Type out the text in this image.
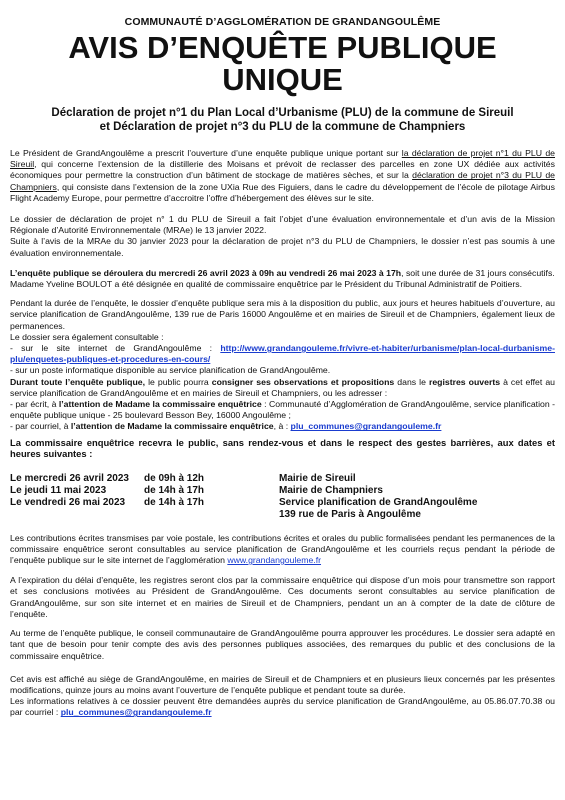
COMMUNAUTÉ D’AGGLOMÉRATION DE GRANDANGOULÊME
AVIS D’ENQUÊTE PUBLIQUE
UNIQUE
Déclaration de projet n°1 du Plan Local d’Urbanisme (PLU) de la commune de Sireuil
et Déclaration de projet n°3 du PLU de la commune de Champniers
Le Président de GrandAngoulême a prescrit l’ouverture d’une enquête publique unique portant sur la déclaration de projet n°1 du PLU de Sireuil, qui concerne l’extension de la distillerie des Moisans et prévoit de reclasser des parcelles en zone UX dédiée aux activités économiques pour permettre la construction d’un bâtiment de stockage de matières sèches, et sur la déclaration de projet n°3 du PLU de Champniers, qui consiste dans l’extension de la zone UXia Rue des Figuiers, dans le cadre du développement de l’école de pilotage Airbus Flight Academy Europe, pour permettre d’accroitre l’offre d’hébergement des élèves sur le site.
Le dossier de déclaration de projet n° 1 du PLU de Sireuil a fait l’objet d’une évaluation environnementale et d’un avis de la Mission Régionale d’Autorité Environnementale (MRAe) le 13 janvier 2022.
Suite à l’avis de la MRAe du 30 janvier 2023 pour la déclaration de projet n°3 du PLU de Champniers, le dossier n’est pas soumis à une évaluation environnementale.
L’enquête publique se déroulera du mercredi 26 avril 2023 à 09h au vendredi 26 mai 2023 à 17h, soit une durée de 31 jours consécutifs.
Madame Yveline BOULOT a été désignée en qualité de commissaire enquêtrice par le Président du Tribunal Administratif de Poitiers.
Pendant la durée de l’enquête, le dossier d’enquête publique sera mis à la disposition du public, aux jours et heures habituels d’ouverture, au service planification de GrandAngoulême, 139 rue de Paris 16000 Angoulême et en mairies de Sireuil et de Champniers, également lieux de permanences.
Le dossier sera également consultable :
- sur le site internet de GrandAngoulême : http://www.grandangouleme.fr/vivre-et-habiter/urbanisme/plan-local-durbanisme-plu/enquetes-publiques-et-procedures-en-cours/
- sur un poste informatique disponible au service planification de GrandAngoulême.
Durant toute l’enquête publique, le public pourra consigner ses observations et propositions dans le registres ouverts à cet effet au service planification de GrandAngoulême et en mairies de Sireuil et Champniers, ou les adresser :
- par écrit, à l’attention de Madame la commissaire enquêtrice : Communauté d’Agglomération de GrandAngoulême, service planification - enquête publique unique - 25 boulevard Besson Bey, 16000 Angoulême ;
- par courriel, à l’attention de Madame la commissaire enquêtrice, à : plu_communes@grandangouleme.fr
La commissaire enquêtrice recevra le public, sans rendez-vous et dans le respect des gestes barrières, aux dates et heures suivantes :
Le mercredi 26 avril 2023	de 09h à 12h	Mairie de Sireuil
Le jeudi 11 mai 2023	de 14h à 17h	Mairie de Champniers
Le vendredi 26 mai 2023	de 14h à 17h	Service planification de GrandAngoulême
139 rue de Paris à Angoulême
Les contributions écrites transmises par voie postale, les contributions écrites et orales du public formalisées pendant les permanences de la commissaire enquêtrice seront consultables au service planification de GrandAngoulême et les courriels reçus pendant la période de l’enquête publique sur le site internet de l’agglomération www.grandangouleme.fr
A l’expiration du délai d’enquête, les registres seront clos par la commissaire enquêtrice qui dispose d’un mois pour transmettre son rapport et ses conclusions motivées au Président de GrandAngoulême. Ces documents seront consultables au service planification de GrandAngoulême, sur son site internet et en mairies de Sireuil et de Champniers, pendant un an à compter de la date de clôture de l’enquête.
Au terme de l’enquête publique, le conseil communautaire de GrandAngoulême pourra approuver les procédures. Le dossier sera adapté en tant que de besoin pour tenir compte des avis des personnes publiques associées, des remarques du public et des conclusions de la commissaire enquêtrice.
Cet avis est affiché au siège de GrandAngoulême, en mairies de Sireuil et de Champniers et en plusieurs lieux concernés par les présentes modifications, quinze jours au moins avant l’ouverture de l’enquête publique et pendant toute sa durée.
Les informations relatives à ce dossier peuvent être demandées auprès du service planification de GrandAngoulême, au 05.86.07.70.38 ou par courriel : plu_communes@grandangouleme.fr
